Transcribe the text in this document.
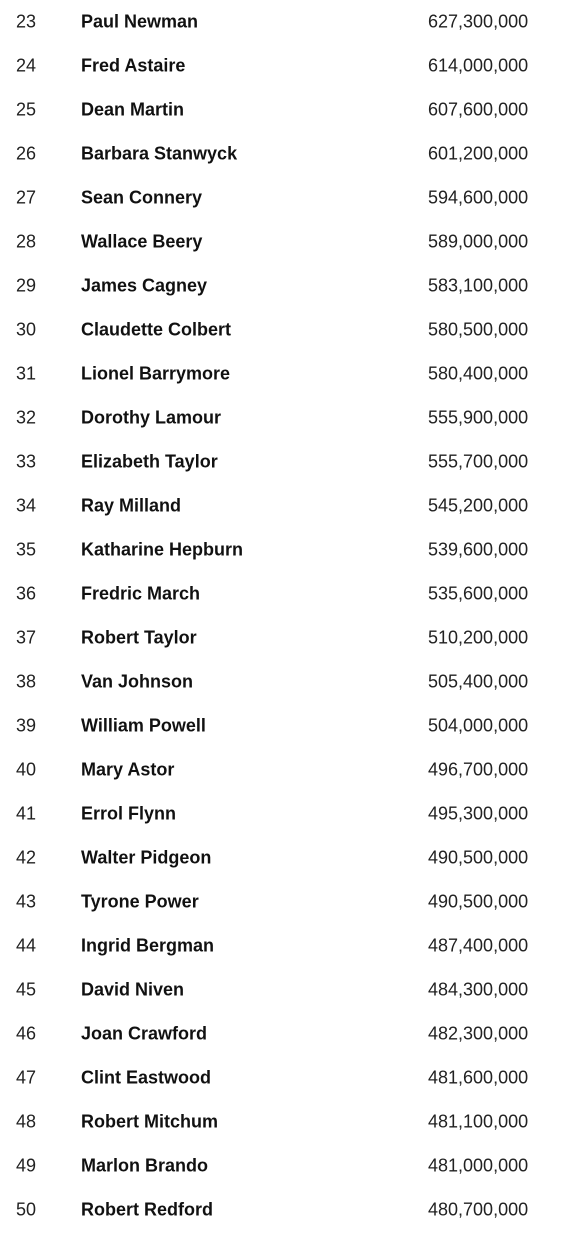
23 Paul Newman	627,300,000
24 Fred Astaire	614,000,000
25 Dean Martin	607,600,000
26 Barbara Stanwyck	601,200,000
27 Sean Connery	594,600,000
28 Wallace Beery	589,000,000
29 James Cagney	583,100,000
30 Claudette Colbert	580,500,000
31 Lionel Barrymore	580,400,000
32 Dorothy Lamour	555,900,000
33 Elizabeth Taylor	555,700,000
34 Ray Milland	545,200,000
35 Katharine Hepburn	539,600,000
36 Fredric March	535,600,000
37 Robert Taylor	510,200,000
38 Van Johnson	505,400,000
39 William Powell	504,000,000
40 Mary Astor	496,700,000
41 Errol Flynn	495,300,000
42 Walter Pidgeon	490,500,000
43 Tyrone Power	490,500,000
44 Ingrid Bergman	487,400,000
45 David Niven	484,300,000
46 Joan Crawford	482,300,000
47 Clint Eastwood	481,600,000
48 Robert Mitchum	481,100,000
49 Marlon Brando	481,000,000
50 Robert Redford	480,700,000
